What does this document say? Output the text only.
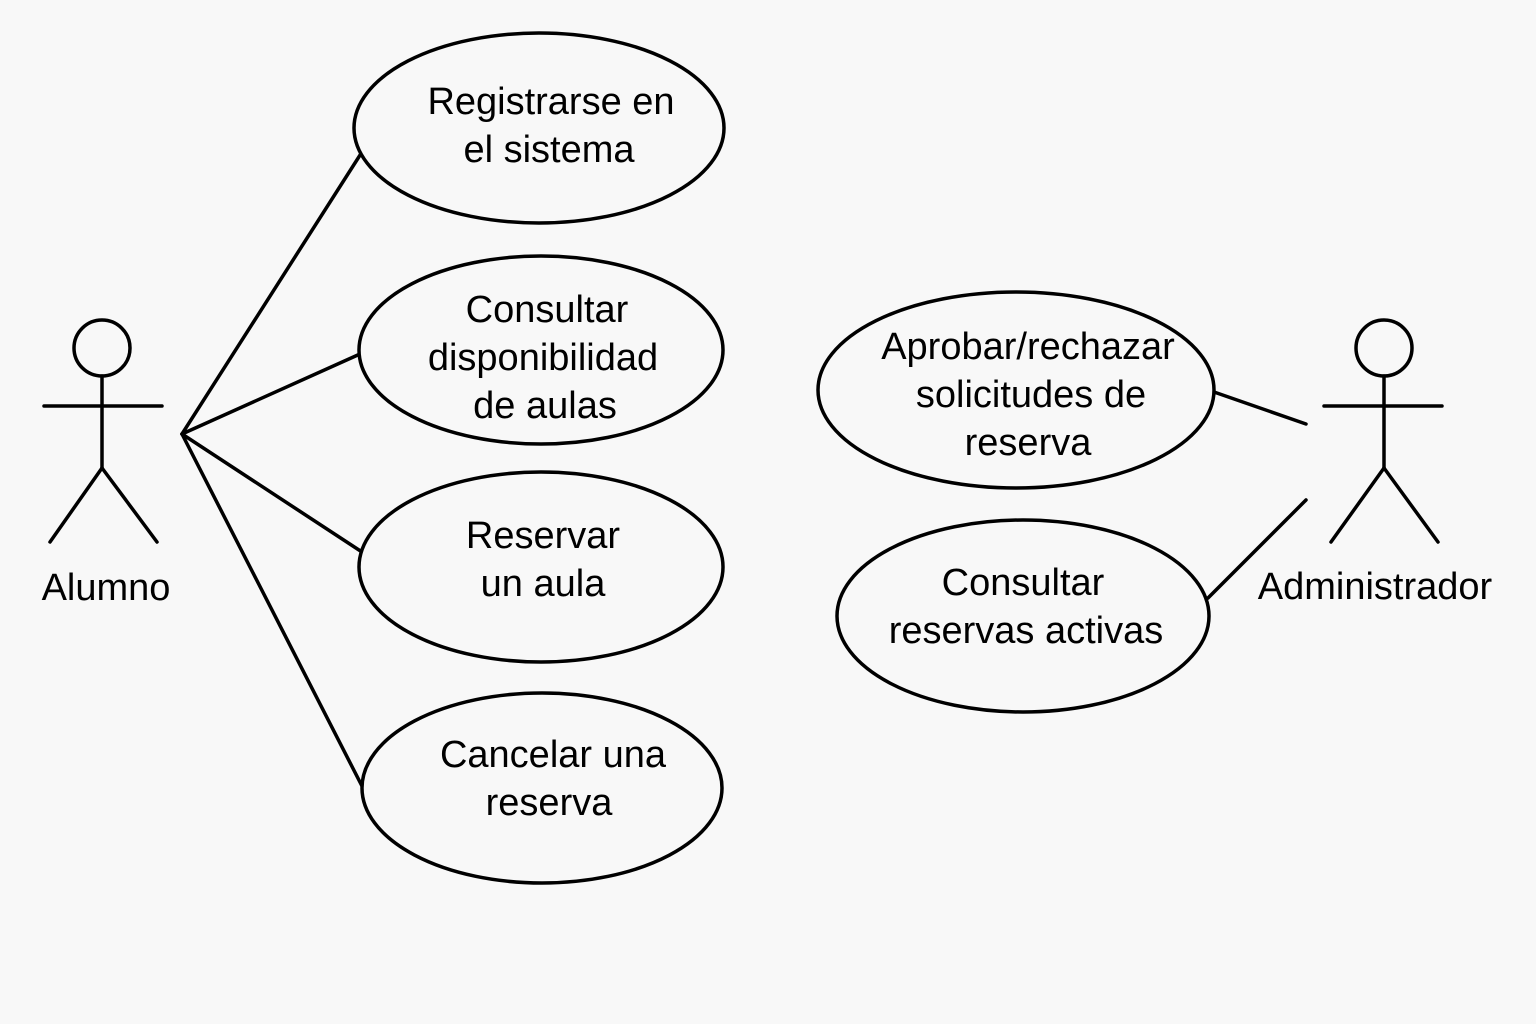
Alumno	Administrador
Registrarse en
el sistema
Consultar
disponibilidad
de aulas
Reservar
un aula
Cancelar una
reserva
Aprobar/rechazar
solicitudes de
reserva
Consultar
reservas activas
